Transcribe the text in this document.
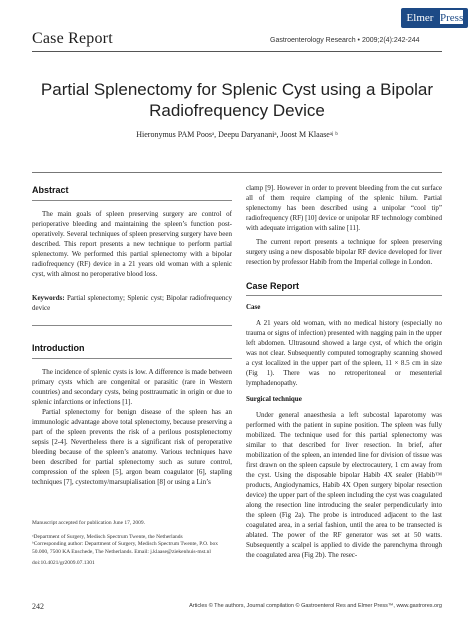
Elmer Press
Case Report	Gastroenterology Research • 2009;2(4):242-244
Partial Splenectomy for Splenic Cyst using a Bipolar Radiofrequency Device
Hieronymus PAM Poosᵃ, Deepu Daryananiᵃ, Joost M Klaaseᵃʲ ᵇ
Abstract

The main goals of spleen preserving surgery are control of perioperative bleeding and maintaining the spleen’s function post-operatively. Several techniques of spleen preserving surgery have been described. This report presents a new technique to perform partial splenectomy. We performed this partial splenectomy with a bipolar radiofrequency (RF) device in a 21 years old woman with a splenic cyst, with almost no peroperative blood loss.

Keywords: Partial splenectomy; Splenic cyst; Bipolar radiofrequency device

Introduction

The incidence of splenic cysts is low. A difference is made between primary cysts which are congenital or parasitic (rare in Western countries) and secondary cysts, being posttraumatic in origin or due to splenic infarctions or infections [1].

Partial splenectomy for benign disease of the spleen has an immunologic advantage above total splenectomy, because preserving a part of the spleen prevents the risk of a perilous postsplenectomy sepsis [2-4]. Nevertheless there is a significant risk of peroperative bleeding because of the spleen’s anatomy. Various techniques have been described for partial splenectomy such as suture control, compression of the spleen [5], argon beam coagulator [6], stapling techniques [7], cystectomy/marsupialisation [8] or using a Lin’s

Manuscript accepted for publication June 17, 2009.

ᵃDepartment of Surgery, Medisch Spectrum Twente, the Netherlands

ᵇCorresponding author: Department of Surgery, Medisch Spectrum Twente, P.O. box 50.000, 7500 KA Enschede, The Netherlands. Email: j.klaase@ziekenhuis-mst.nl

doi:10.4021/gr2009.07.1301

clamp [9]. However in order to prevent bleeding from the cut surface all of them require clamping of the splenic hilum. Partial splenectomy has been described using a unipolar “cool tip” radiofrequency (RF) [10] device or unipolar RF technology combined with adequate irrigation with saline [11].

The current report presents a technique for spleen preserving surgery using a new disposable bipolar RF device developed for liver resection by professor Habib from the Imperial college in London.

Case Report
Case

A 21 years old woman, with no medical history (especially no trauma or signs of infection) presented with nagging pain in the upper left abdomen. Ultrasound showed a large cyst, of which the origin was not clear. Subsequently computed tomography scanning showed a cyst localized in the upper part of the spleen, 11 × 8.5 cm in size (Fig 1). There was no retroperitoneal or mesenterial lymphadenopathy.

Surgical technique

Under general anaesthesia a left subcostal laparotomy was performed with the patient in supine position. The spleen was fully mobilized. The technique used for this partial splenectomy was similar to that described for liver resection. In brief, after mobilization of the spleen, an intended line for division of tissue was first drawn on the spleen capsule by electrocautery, 1 cm away from the cyst. Using the disposable bipolar Habib 4X sealer (Habib™ products, Angiodynamics, Habib 4X Open surgery bipolar resection device) the upper part of the spleen including the cyst was coagulated along the resection line introducing the sealer perpendicularly into the spleen (Fig 2a). The probe is introduced adjacent to the last coagulated area, in a serial fashion, until the area to be transected is ablated. The power of the RF generator was set at 50 watts. Subsequently a scalpel is applied to divide the parenchyma through the coagulated area (Fig 2b). The resec-

242	Articles © The authors, Journal compilation © Gastroenterol Res and Elmer Press™, www.gastrores.org
